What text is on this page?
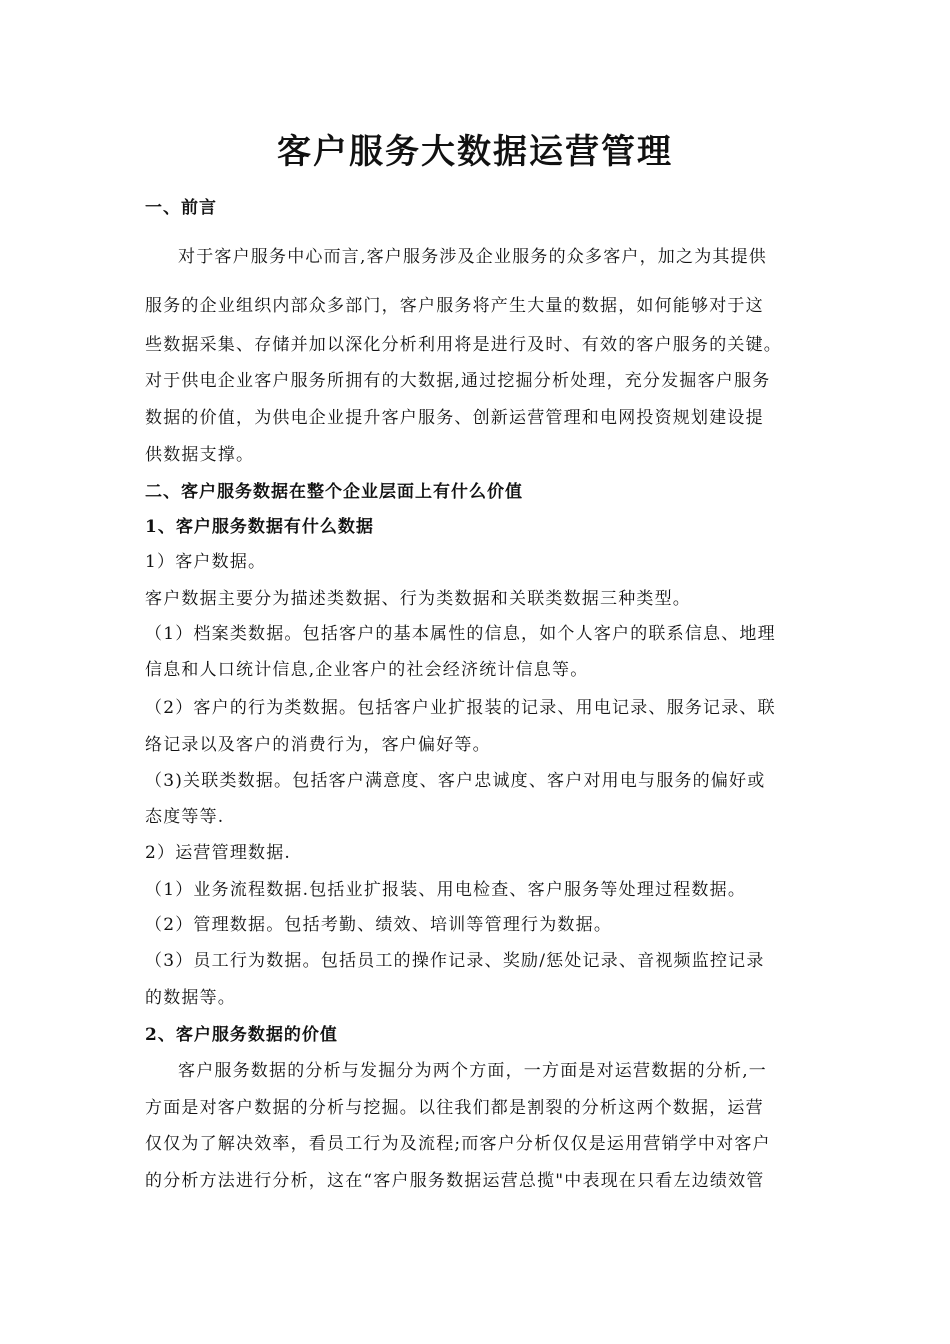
客户服务大数据运营管理
一、前言
对于客户服务中心而言,客户服务涉及企业服务的众多客户，加之为其提供
服务的企业组织内部众多部门，客户服务将产生大量的数据，如何能够对于这
些数据采集、存储并加以深化分析利用将是进行及时、有效的客户服务的关键。
对于供电企业客户服务所拥有的大数据,通过挖掘分析处理，充分发掘客户服务
数据的价值，为供电企业提升客户服务、创新运营管理和电网投资规划建设提
供数据支撑。
二、客户服务数据在整个企业层面上有什么价值
1、客户服务数据有什么数据
1）客户数据。
客户数据主要分为描述类数据、行为类数据和关联类数据三种类型。
（1）档案类数据。包括客户的基本属性的信息，如个人客户的联系信息、地理
信息和人口统计信息,企业客户的社会经济统计信息等。
（2）客户的行为类数据。包括客户业扩报装的记录、用电记录、服务记录、联
络记录以及客户的消费行为，客户偏好等。
（3)关联类数据。包括客户满意度、客户忠诚度、客户对用电与服务的偏好或
态度等等.
2）运营管理数据.
（1）业务流程数据.包括业扩报装、用电检查、客户服务等处理过程数据。
（2）管理数据。包括考勤、绩效、培训等管理行为数据。
（3）员工行为数据。包括员工的操作记录、奖励/惩处记录、音视频监控记录
的数据等。
2、客户服务数据的价值
客户服务数据的分析与发掘分为两个方面，一方面是对运营数据的分析,一
方面是对客户数据的分析与挖掘。以往我们都是割裂的分析这两个数据，运营
仅仅为了解决效率，看员工行为及流程;而客户分析仅仅是运用营销学中对客户
的分析方法进行分析，这在“客户服务数据运营总揽"中表现在只看左边绩效管
